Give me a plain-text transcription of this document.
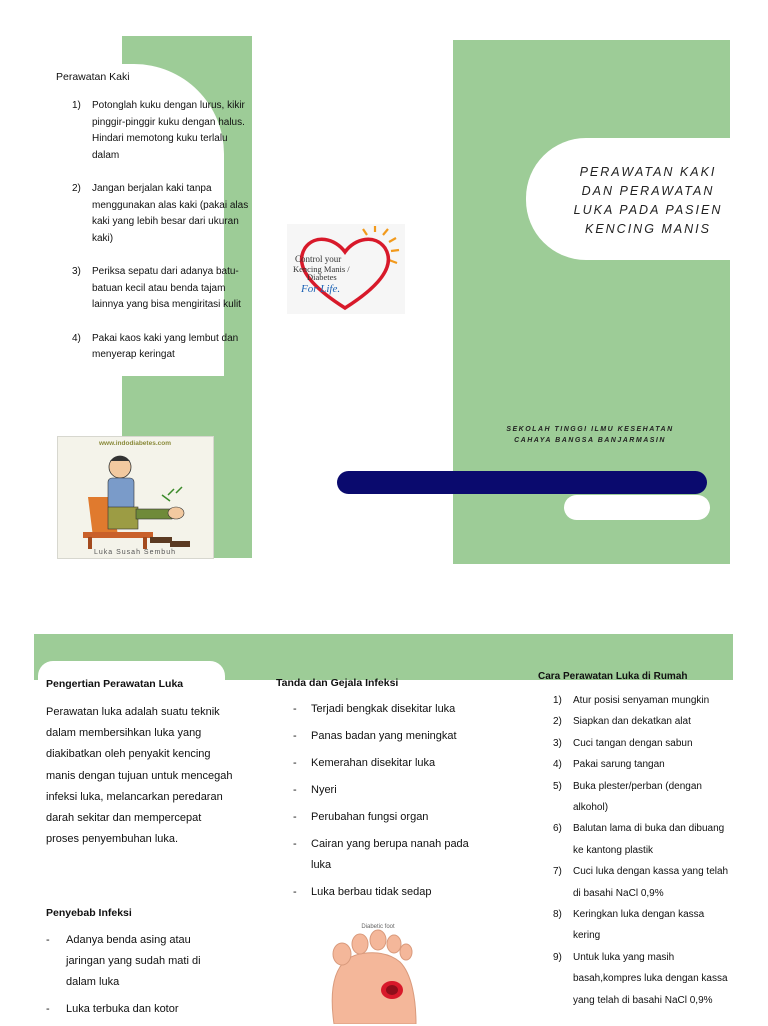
Perawatan Kaki
1) Potonglah kuku dengan lurus, kikir pinggir-pinggir kuku dengan halus. Hindari memotong kuku terlalu dalam
2) Jangan berjalan kaki tanpa menggunakan alas kaki (pakai alas kaki yang lebih besar dari ukuran kaki)
3) Periksa sepatu dari adanya batu-batuan kecil atau benda tajam lainnya yang bisa mengiritasi kulit
4) Pakai kaos kaki yang lembut dan menyerap keringat
www.indodiabetes.com
Luka Susah Sembuh
Control your
Kencing Manis /
Diabetes
For Life.
PERAWATAN KAKI
DAN PERAWATAN
LUKA PADA PASIEN
KENCING MANIS
SEKOLAH TINGGI ILMU KESEHATAN
CAHAYA BANGSA BANJARMASIN
Pengertian Perawatan Luka
Perawatan luka adalah suatu teknik dalam membersihkan luka yang diakibatkan oleh penyakit kencing manis dengan tujuan untuk mencegah infeksi luka, melancarkan peredaran darah sekitar dan mempercepat proses penyembuhan luka.
Penyebab Infeksi
- Adanya benda asing atau jaringan yang sudah mati di dalam luka
- Luka terbuka dan kotor
Tanda dan Gejala Infeksi
- Terjadi bengkak disekitar luka
- Panas badan yang meningkat
- Kemerahan disekitar luka
- Nyeri
- Perubahan fungsi organ
- Cairan yang berupa nanah pada luka
- Luka berbau tidak sedap
Diabetic foot
Cara Perawatan Luka di Rumah
1) Atur posisi senyaman mungkin
2) Siapkan dan dekatkan alat
3) Cuci tangan dengan sabun
4) Pakai sarung tangan
5) Buka plester/perban (dengan alkohol)
6) Balutan lama di buka dan dibuang ke kantong plastik
7) Cuci luka dengan kassa yang telah di basahi NaCl 0,9%
8) Keringkan luka dengan kassa kering
9) Untuk luka yang masih basah,kompres luka dengan kassa yang telah di basahi NaCl 0,9%
